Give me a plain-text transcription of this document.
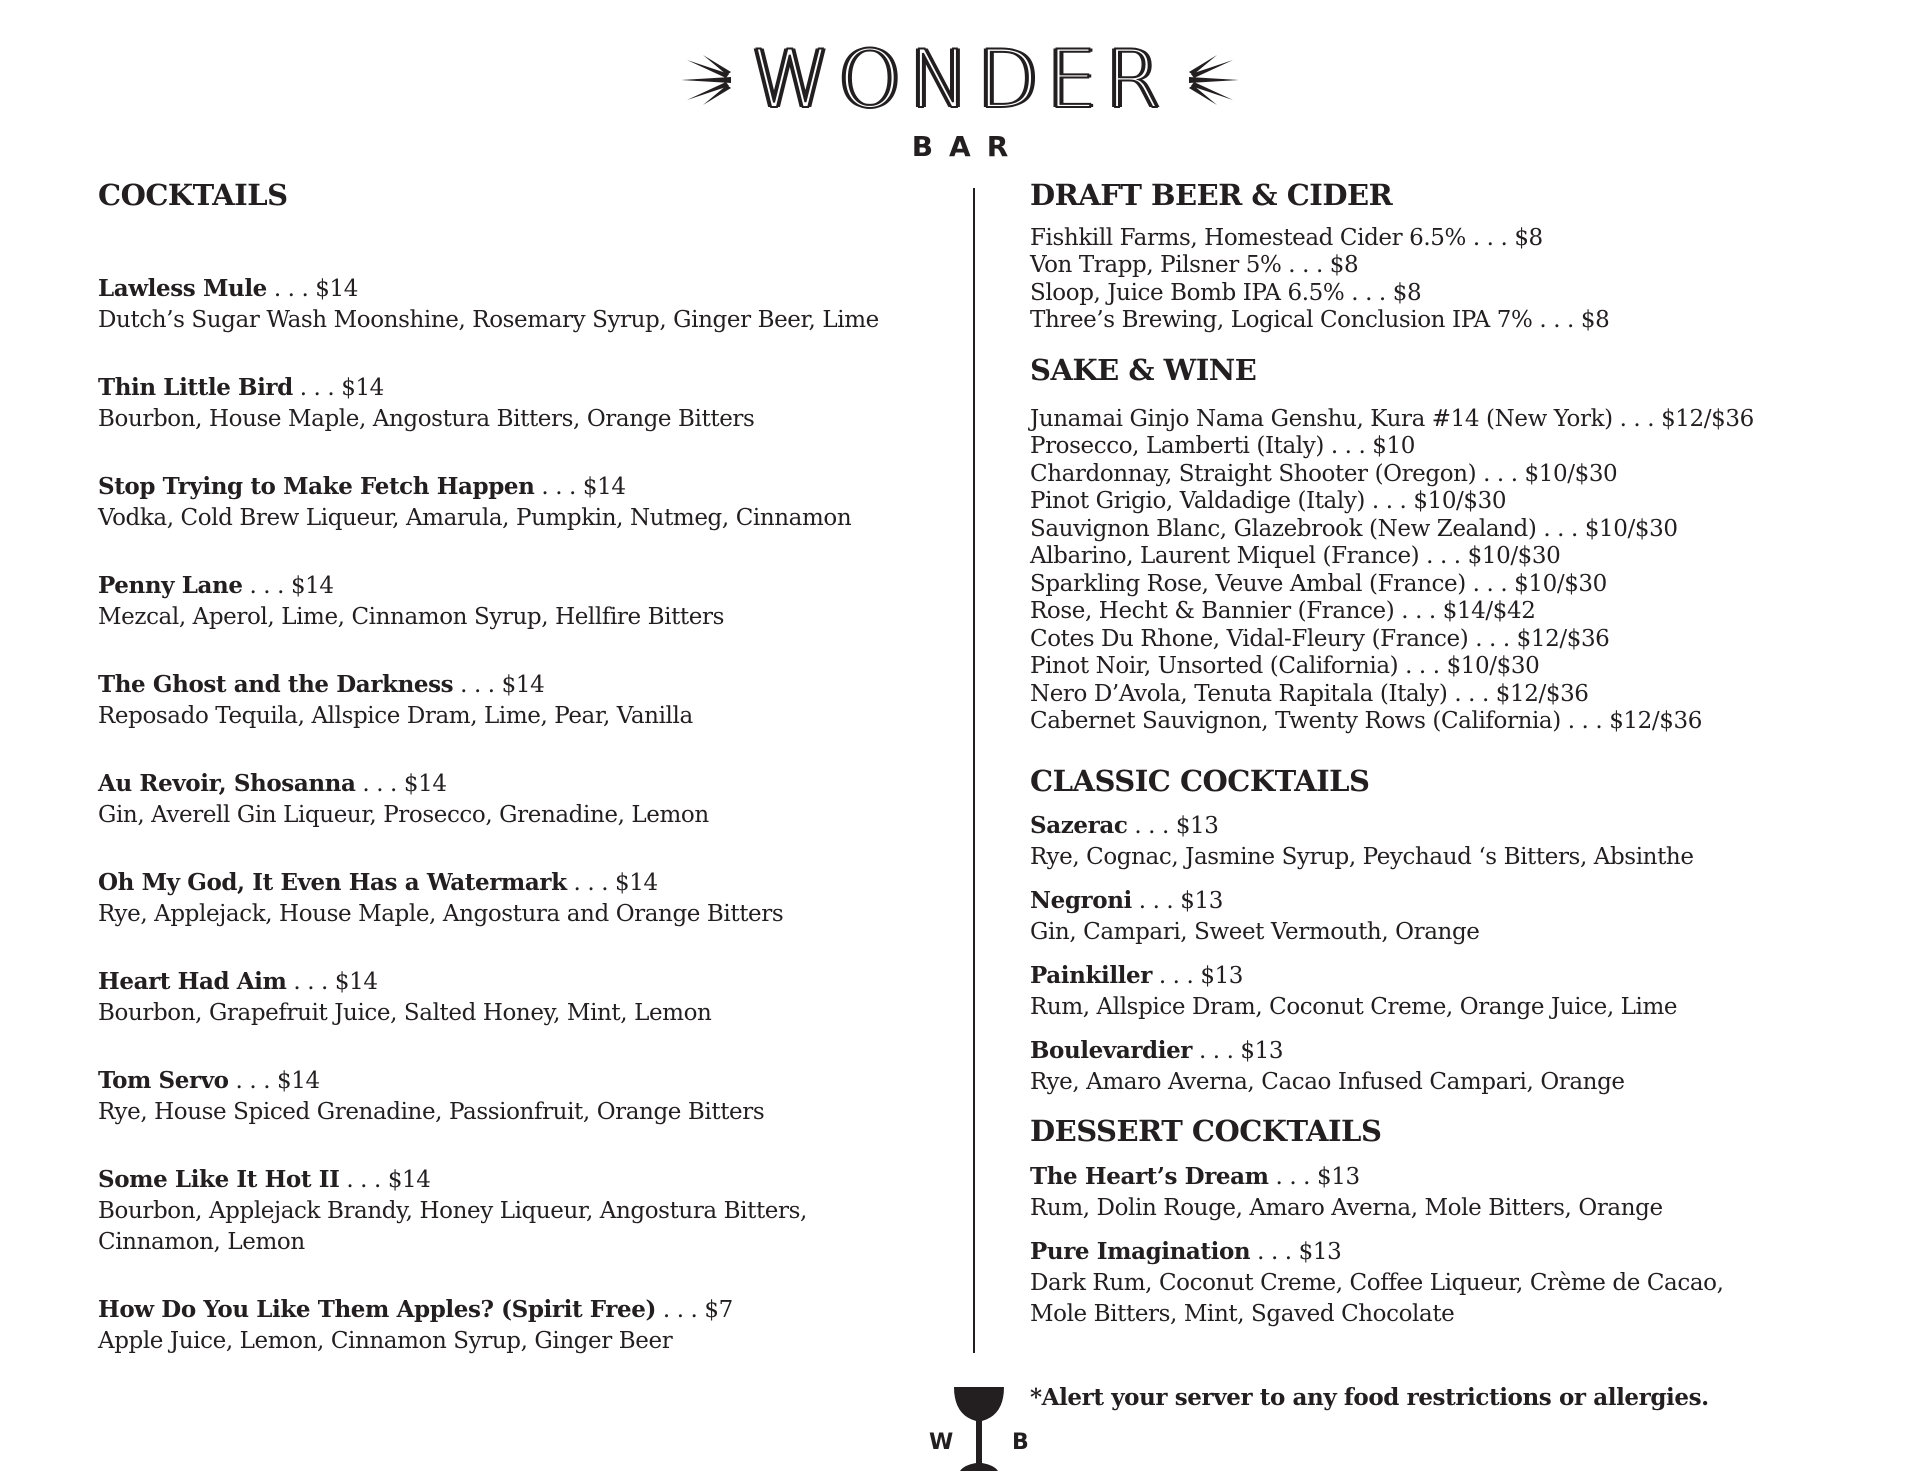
WONDER
BAR
COCKTAILS
Lawless Mule . . . $14
Dutch’s Sugar Wash Moonshine, Rosemary Syrup, Ginger Beer, Lime
Thin Little Bird . . . $14
Bourbon, House Maple, Angostura Bitters, Orange Bitters
Stop Trying to Make Fetch Happen . . . $14
Vodka, Cold Brew Liqueur, Amarula, Pumpkin, Nutmeg, Cinnamon
Penny Lane . . . $14
Mezcal, Aperol, Lime, Cinnamon Syrup, Hellfire Bitters
The Ghost and the Darkness . . . $14
Reposado Tequila, Allspice Dram, Lime, Pear, Vanilla
Au Revoir, Shosanna . . . $14
Gin, Averell Gin Liqueur, Prosecco, Grenadine, Lemon
Oh My God, It Even Has a Watermark . . . $14
Rye, Applejack, House Maple, Angostura and Orange Bitters
Heart Had Aim . . . $14
Bourbon, Grapefruit Juice, Salted Honey, Mint, Lemon
Tom Servo . . . $14
Rye, House Spiced Grenadine, Passionfruit, Orange Bitters
Some Like It Hot II . . . $14
Bourbon, Applejack Brandy, Honey Liqueur, Angostura Bitters,
Cinnamon, Lemon
How Do You Like Them Apples? (Spirit Free) . . . $7
Apple Juice, Lemon, Cinnamon Syrup, Ginger Beer
DRAFT BEER & CIDER
Fishkill Farms, Homestead Cider 6.5% . . . $8
Von Trapp, Pilsner 5% . . . $8
Sloop, Juice Bomb IPA 6.5% . . . $8
Three’s Brewing, Logical Conclusion IPA 7% . . . $8
SAKE & WINE
Junamai Ginjo Nama Genshu, Kura #14 (New York) . . . $12/$36
Prosecco, Lamberti (Italy) . . . $10
Chardonnay, Straight Shooter (Oregon) . . . $10/$30
Pinot Grigio, Valdadige (Italy) . . . $10/$30
Sauvignon Blanc, Glazebrook (New Zealand) . . . $10/$30
Albarino, Laurent Miquel (France) . . . $10/$30
Sparkling Rose, Veuve Ambal (France) . . . $10/$30
Rose, Hecht & Bannier (France) . . . $14/$42
Cotes Du Rhone, Vidal-Fleury (France) . . . $12/$36
Pinot Noir, Unsorted (California) . . . $10/$30
Nero D’Avola, Tenuta Rapitala (Italy) . . . $12/$36
Cabernet Sauvignon, Twenty Rows (California) . . . $12/$36
CLASSIC COCKTAILS
Sazerac . . . $13
Rye, Cognac, Jasmine Syrup, Peychaud ‘s Bitters, Absinthe
Negroni . . . $13
Gin, Campari, Sweet Vermouth, Orange
Painkiller . . . $13
Rum, Allspice Dram, Coconut Creme, Orange Juice, Lime
Boulevardier . . . $13
Rye, Amaro Averna, Cacao Infused Campari, Orange
DESSERT COCKTAILS
The Heart’s Dream . . . $13
Rum, Dolin Rouge, Amaro Averna, Mole Bitters, Orange
Pure Imagination . . . $13
Dark Rum, Coconut Creme, Coffee Liqueur, Crème de Cacao,
Mole Bitters, Mint, Sgaved Chocolate
W	B
*Alert your server to any food restrictions or allergies.
